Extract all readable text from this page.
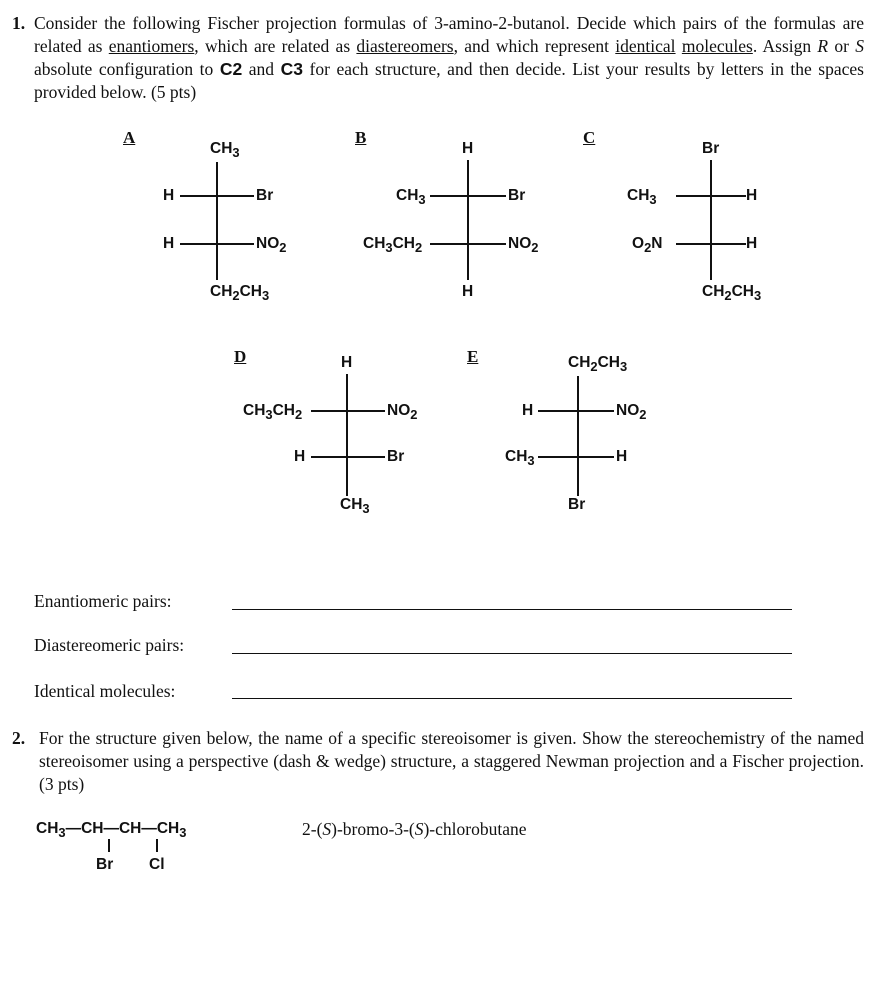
1. Consider the following Fischer projection formulas of 3-amino-2-butanol. Decide which pairs of the formulas are related as enantiomers, which are related as diastereomers, and which represent identical molecules. Assign R or S absolute configuration to C2 and C3 for each structure, and then decide. List your results by letters in the spaces provided below. (5 pts)
A
$CH_3$
H	Br
H	$NO_2$
$CH_2CH_3$
B
H
$CH_3$	Br
$CH_3CH_2$	$NO_2$
H
C
Br
$CH_3$	H
$O_2N$	H
$CH_2CH_3$
D	H
$CH_3CH_2$	$NO_2$
H	Br
$CH_3$
E	$CH_2CH_3$
H	$NO_2$
$CH_3$	H
Br
Enantiomeric pairs:
Diastereomeric pairs:
Identical molecules:
2. For the structure given below, the name of a specific stereoisomer is given. Show the stereochemistry of the named stereoisomer using a perspective (dash & wedge) structure, a staggered Newman projection and a Fischer projection. (3 pts)
$CH_3—CH—CH—CH_3$
Br Cl
2-(S)-bromo-3-(S)-chlorobutane
